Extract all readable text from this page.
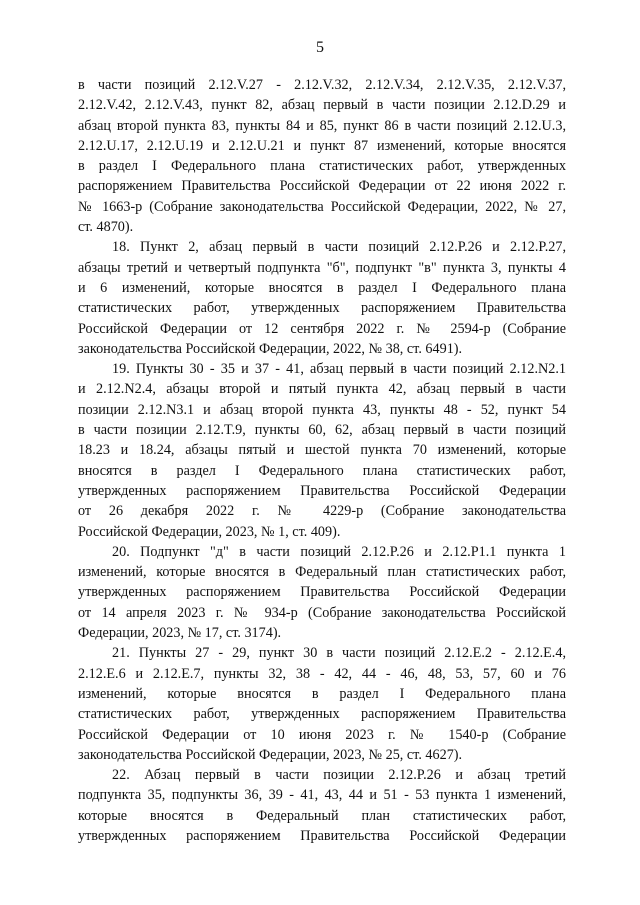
5
в части позиций 2.12.V.27 - 2.12.V.32, 2.12.V.34, 2.12.V.35, 2.12.V.37,
2.12.V.42, 2.12.V.43, пункт 82, абзац первый в части позиции 2.12.D.29 и
абзац второй пункта 83, пункты 84 и 85, пункт 86 в части позиций 2.12.U.3,
2.12.U.17, 2.12.U.19 и 2.12.U.21 и пункт 87 изменений, которые вносятся
в раздел I Федерального плана статистических работ, утвержденных
распоряжением Правительства Российской Федерации от 22 июня 2022 г.
№ 1663-р (Собрание законодательства Российской Федерации, 2022, № 27,
ст. 4870).
18. Пункт 2, абзац первый в части позиций 2.12.P.26 и 2.12.P.27,
абзацы третий и четвертый подпункта "б", подпункт "в" пункта 3, пункты 4
и 6 изменений, которые вносятся в раздел I Федерального плана
статистических работ, утвержденных распоряжением Правительства
Российской Федерации от 12 сентября 2022 г. № 2594-р (Собрание
законодательства Российской Федерации, 2022, № 38, ст. 6491).
19. Пункты 30 - 35 и 37 - 41, абзац первый в части позиций 2.12.N2.1
и 2.12.N2.4, абзацы второй и пятый пункта 42, абзац первый в части
позиции 2.12.N3.1 и абзац второй пункта 43, пункты 48 - 52, пункт 54
в части позиции 2.12.T.9, пункты 60, 62, абзац первый в части позиций
18.23 и 18.24, абзацы пятый и шестой пункта 70 изменений, которые
вносятся в раздел I Федерального плана статистических работ,
утвержденных распоряжением Правительства Российской Федерации
от 26 декабря 2022 г. № 4229-р (Собрание законодательства
Российской Федерации, 2023, № 1, ст. 409).
20. Подпункт "д" в части позиций 2.12.P.26 и 2.12.P1.1 пункта 1
изменений, которые вносятся в Федеральный план статистических работ,
утвержденных распоряжением Правительства Российской Федерации
от 14 апреля 2023 г. № 934-р (Собрание законодательства Российской
Федерации, 2023, № 17, ст. 3174).
21. Пункты 27 - 29, пункт 30 в части позиций 2.12.E.2 - 2.12.E.4,
2.12.E.6 и 2.12.E.7, пункты 32, 38 - 42, 44 - 46, 48, 53, 57, 60 и 76
изменений, которые вносятся в раздел I Федерального плана
статистических работ, утвержденных распоряжением Правительства
Российской Федерации от 10 июня 2023 г. № 1540-р (Собрание
законодательства Российской Федерации, 2023, № 25, ст. 4627).
22. Абзац первый в части позиции 2.12.P.26 и абзац третий
подпункта 35, подпункты 36, 39 - 41, 43, 44 и 51 - 53 пункта 1 изменений,
которые вносятся в Федеральный план статистических работ,
утвержденных распоряжением Правительства Российской Федерации
